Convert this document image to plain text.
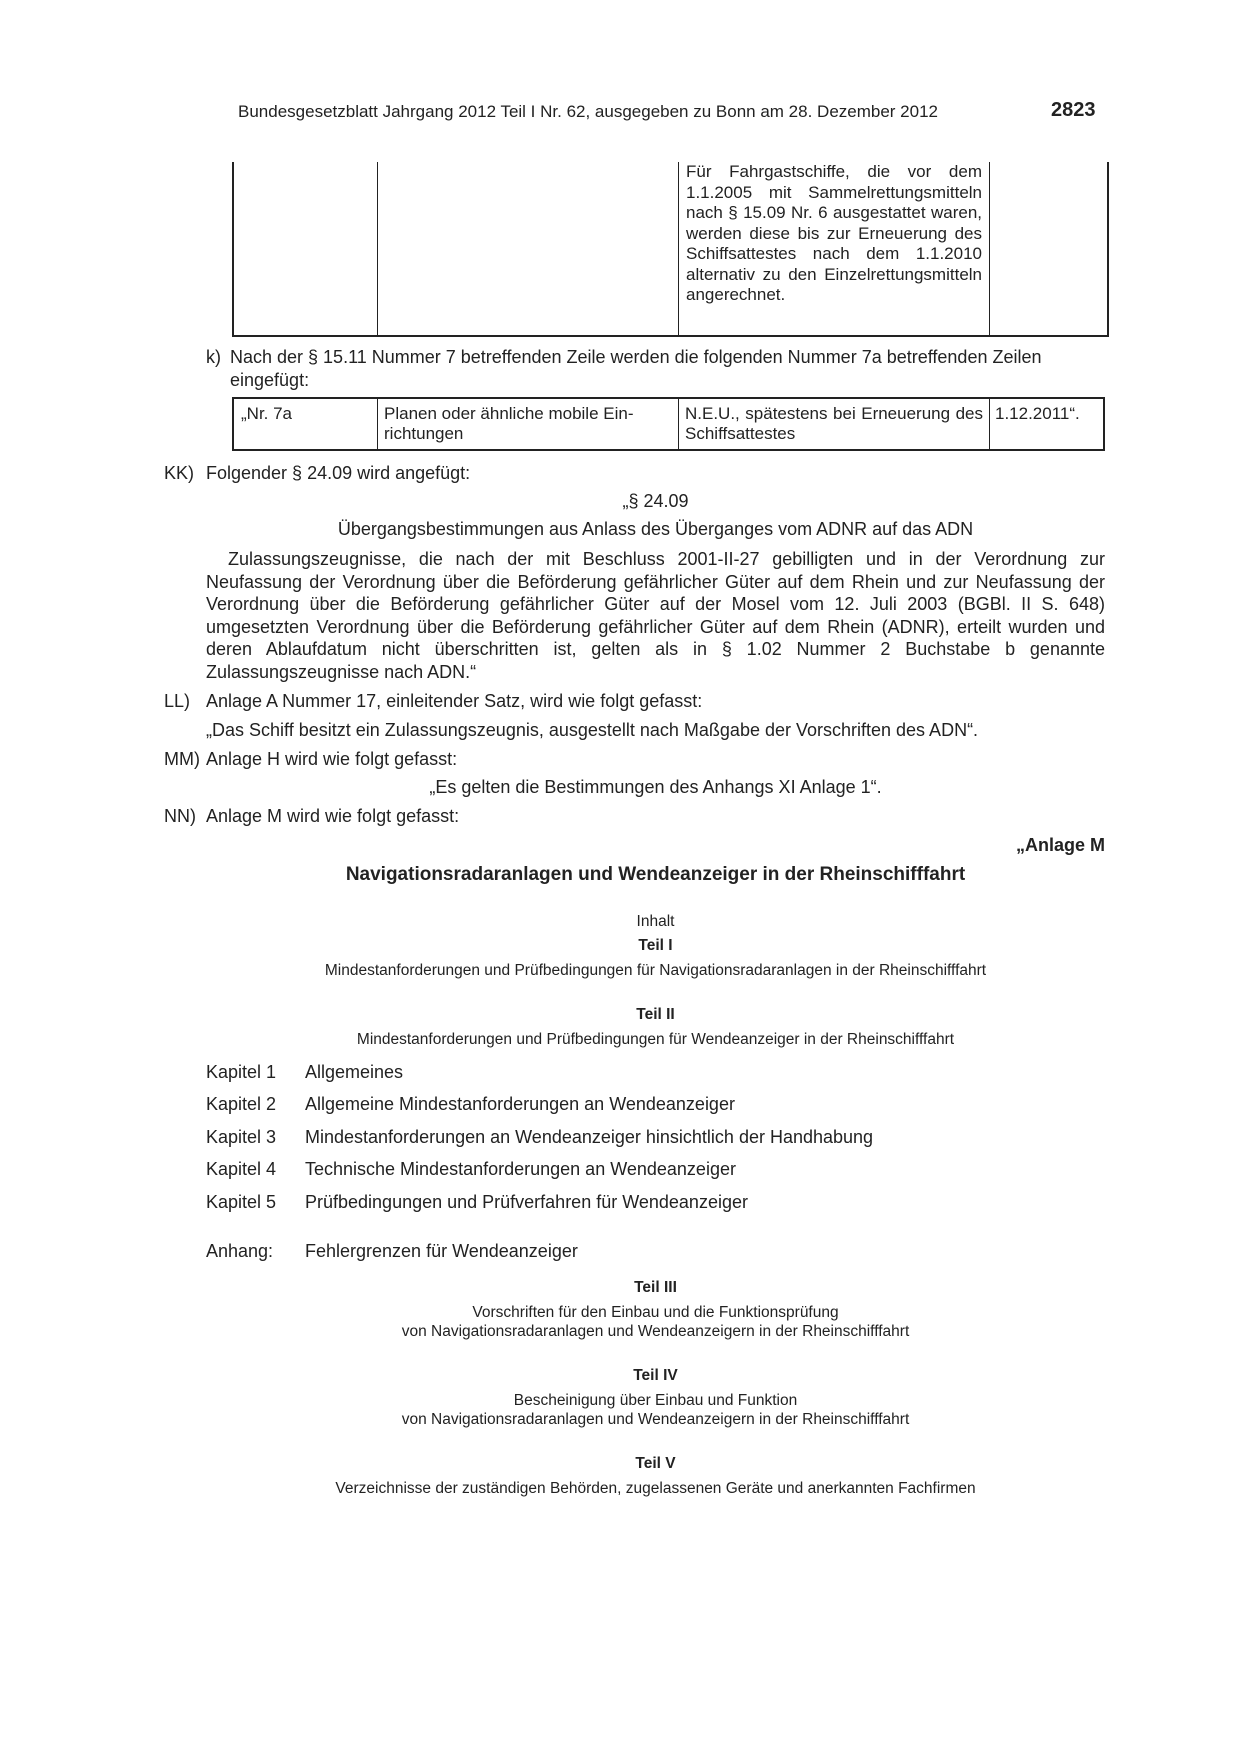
Bundesgesetzblatt Jahrgang 2012 Teil I Nr. 62, ausgegeben zu Bonn am 28. Dezember 2012	2823
Für Fahrgastschiffe, die vor dem 1.1.2005 mit Sammelrettungsmitteln nach § 15.09 Nr. 6 ausgestattet waren, werden diese bis zur Erneuerung des Schiffsattestes nach dem 1.1.2010 alternativ zu den Einzelrettungsmitteln angerechnet.
k) Nach der § 15.11 Nummer 7 betreffenden Zeile werden die folgenden Nummer 7a betreffenden Zeilen eingefügt:
„Nr. 7a	Planen oder ähnliche mobile Einrichtungen
N.E.U., spätestens bei Erneuerung des Schiffsattestes
1.12.2011“.
KK) Folgender § 24.09 wird angefügt:
„§ 24.09
Übergangsbestimmungen aus Anlass des Überganges vom ADNR auf das ADN
Zulassungszeugnisse, die nach der mit Beschluss 2001-II-27 gebilligten und in der Verordnung zur Neufassung der Verordnung über die Beförderung gefährlicher Güter auf dem Rhein und zur Neufassung der Verordnung über die Beförderung gefährlicher Güter auf der Mosel vom 12. Juli 2003 (BGBl. II S. 648) umgesetzten Verordnung über die Beförderung gefährlicher Güter auf dem Rhein (ADNR), erteilt wurden und deren Ablaufdatum nicht überschritten ist, gelten als in § 1.02 Nummer 2 Buchstabe b genannte Zulassungszeugnisse nach ADN.“
LL) Anlage A Nummer 17, einleitender Satz, wird wie folgt gefasst:
„Das Schiff besitzt ein Zulassungszeugnis, ausgestellt nach Maßgabe der Vorschriften des ADN“.
MM) Anlage H wird wie folgt gefasst:
„Es gelten die Bestimmungen des Anhangs XI Anlage 1“.
NN) Anlage M wird wie folgt gefasst:
„Anlage M
Navigationsradaranlagen und Wendeanzeiger in der Rheinschifffahrt
Inhalt
Teil I
Mindestanforderungen und Prüfbedingungen für Navigationsradaranlagen in der Rheinschifffahrt
Teil II
Mindestanforderungen und Prüfbedingungen für Wendeanzeiger in der Rheinschifffahrt
Kapitel 1 Allgemeines
Kapitel 2 Allgemeine Mindestanforderungen an Wendeanzeiger
Kapitel 3 Mindestanforderungen an Wendeanzeiger hinsichtlich der Handhabung
Kapitel 4 Technische Mindestanforderungen an Wendeanzeiger
Kapitel 5 Prüfbedingungen und Prüfverfahren für Wendeanzeiger
Anhang: Fehlergrenzen für Wendeanzeiger
Teil III
Vorschriften für den Einbau und die Funktionsprüfung
von Navigationsradaranlagen und Wendeanzeigern in der Rheinschifffahrt
Teil IV
Bescheinigung über Einbau und Funktion
von Navigationsradaranlagen und Wendeanzeigern in der Rheinschifffahrt
Teil V
Verzeichnisse der zuständigen Behörden, zugelassenen Geräte und anerkannten Fachfirmen
